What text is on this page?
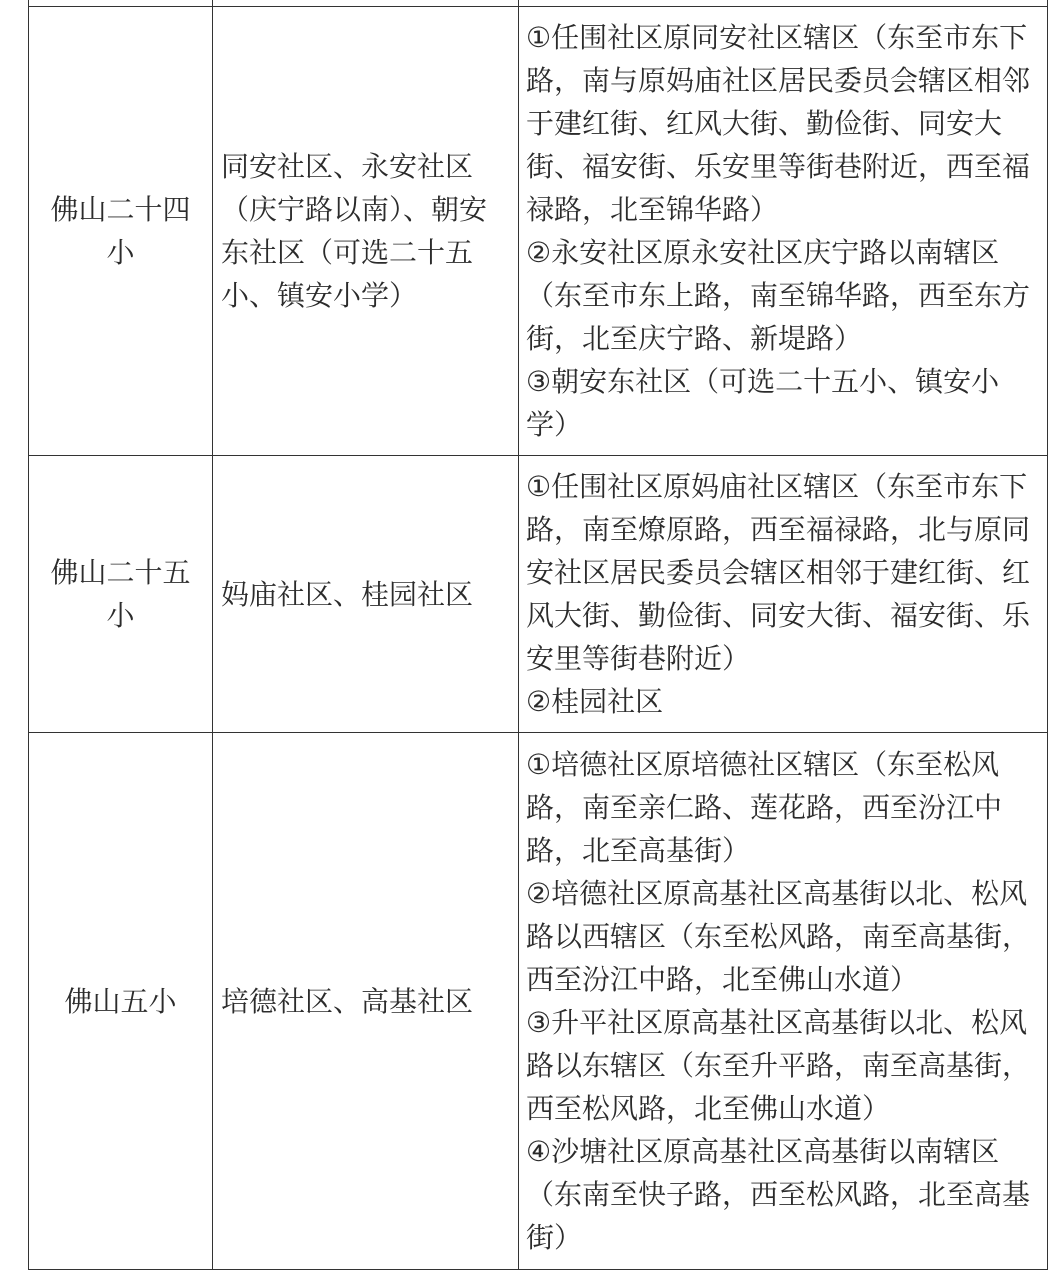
佛山二十四小	同安社区、永安社区（庆宁路以南）、朝安东社区（可选二十五小、镇安小学）	①任围社区原同安社区辖区（东至市东下路，南与原妈庙社区居民委员会辖区相邻于建红街、红风大街、勤俭街、同安大街、福安街、乐安里等街巷附近，西至福禄路，北至锦华路）
②永安社区原永安社区庆宁路以南辖区（东至市东上路，南至锦华路，西至东方街，北至庆宁路、新堤路）
③朝安东社区（可选二十五小、镇安小学）

佛山二十五小	妈庙社区、桂园社区	①任围社区原妈庙社区辖区（东至市东下路，南至燎原路，西至福禄路，北与原同安社区居民委员会辖区相邻于建红街、红风大街、勤俭街、同安大街、福安街、乐安里等街巷附近）
②桂园社区

佛山五小	培德社区、高基社区	①培德社区原培德社区辖区（东至松风路，南至亲仁路、莲花路，西至汾江中路，北至高基街）
②培德社区原高基社区高基街以北、松风路以西辖区（东至松风路，南至高基街，西至汾江中路，北至佛山水道）
③升平社区原高基社区高基街以北、松风路以东辖区（东至升平路，南至高基街，西至松风路，北至佛山水道）
④沙塘社区原高基社区高基街以南辖区（东南至快子路，西至松风路，北至高基街）
